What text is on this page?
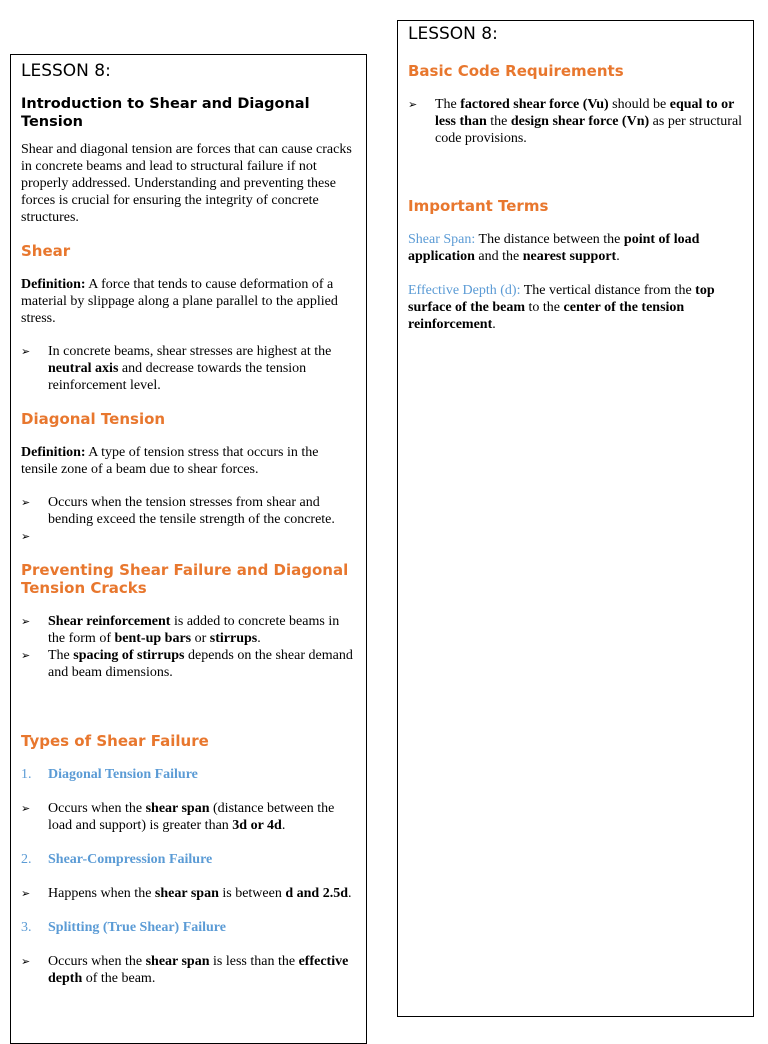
LESSON 8:

Introduction to Shear and Diagonal Tension

Shear and diagonal tension are forces that can cause cracks in concrete beams and lead to structural failure if not properly addressed. Understanding and preventing these forces is crucial for ensuring the integrity of concrete structures.

Shear

Definition: A force that tends to cause deformation of a material by slippage along a plane parallel to the applied stress.

➢	In concrete beams, shear stresses are highest at the neutral axis and decrease towards the tension reinforcement level.

Diagonal Tension

Definition: A type of tension stress that occurs in the tensile zone of a beam due to shear forces.

➢	Occurs when the tension stresses from shear and bending exceed the tensile strength of the concrete.
➢

Preventing Shear Failure and Diagonal Tension Cracks

➢	Shear reinforcement is added to concrete beams in the form of bent-up bars or stirrups.
➢	The spacing of stirrups depends on the shear demand and beam dimensions.

Types of Shear Failure

1.	Diagonal Tension Failure
➢	Occurs when the shear span (distance between the load and support) is greater than 3d or 4d.
2.	Shear-Compression Failure
➢	Happens when the shear span is between d and 2.5d.
3.	Splitting (True Shear) Failure
➢	Occurs when the shear span is less than the effective depth of the beam.

LESSON 8:

Basic Code Requirements

➢	The factored shear force (Vu) should be equal to or less than the design shear force (Vn) as per structural code provisions.

Important Terms

Shear Span: The distance between the point of load application and the nearest support.

Effective Depth (d): The vertical distance from the top surface of the beam to the center of the tension reinforcement.
